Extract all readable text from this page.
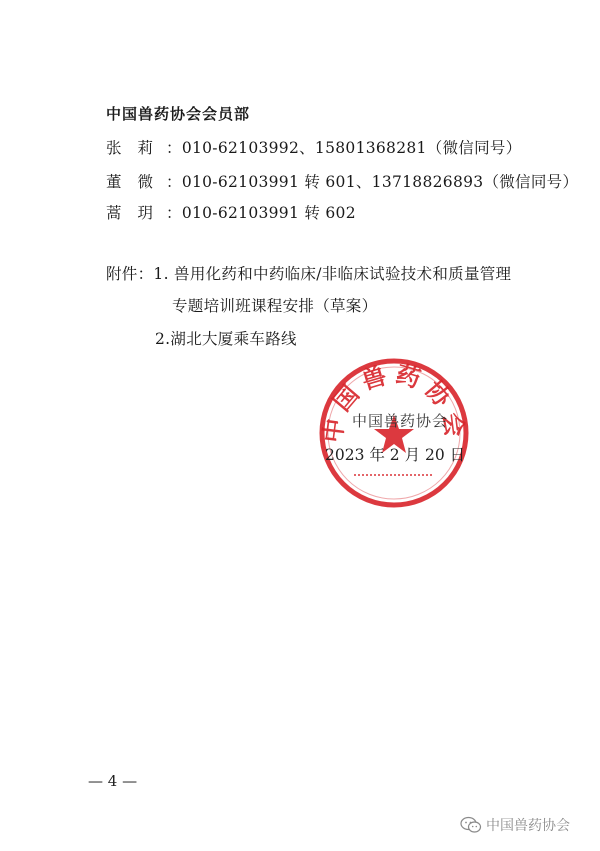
中国兽药协会会员部
张莉：010-62103992、15801368281（微信同号）
董微：010-62103991 转 601、13718826893（微信同号）
蒿玥：010-62103991 转 602
附件：1. 兽用化药和中药临床/非临床试验技术和质量管理
专题培训班课程安排（草案）
2.湖北大厦乘车路线
中国兽药协会
中国兽药协会
2023 年 2 月 20 日
— 4 —
中国兽药协会
